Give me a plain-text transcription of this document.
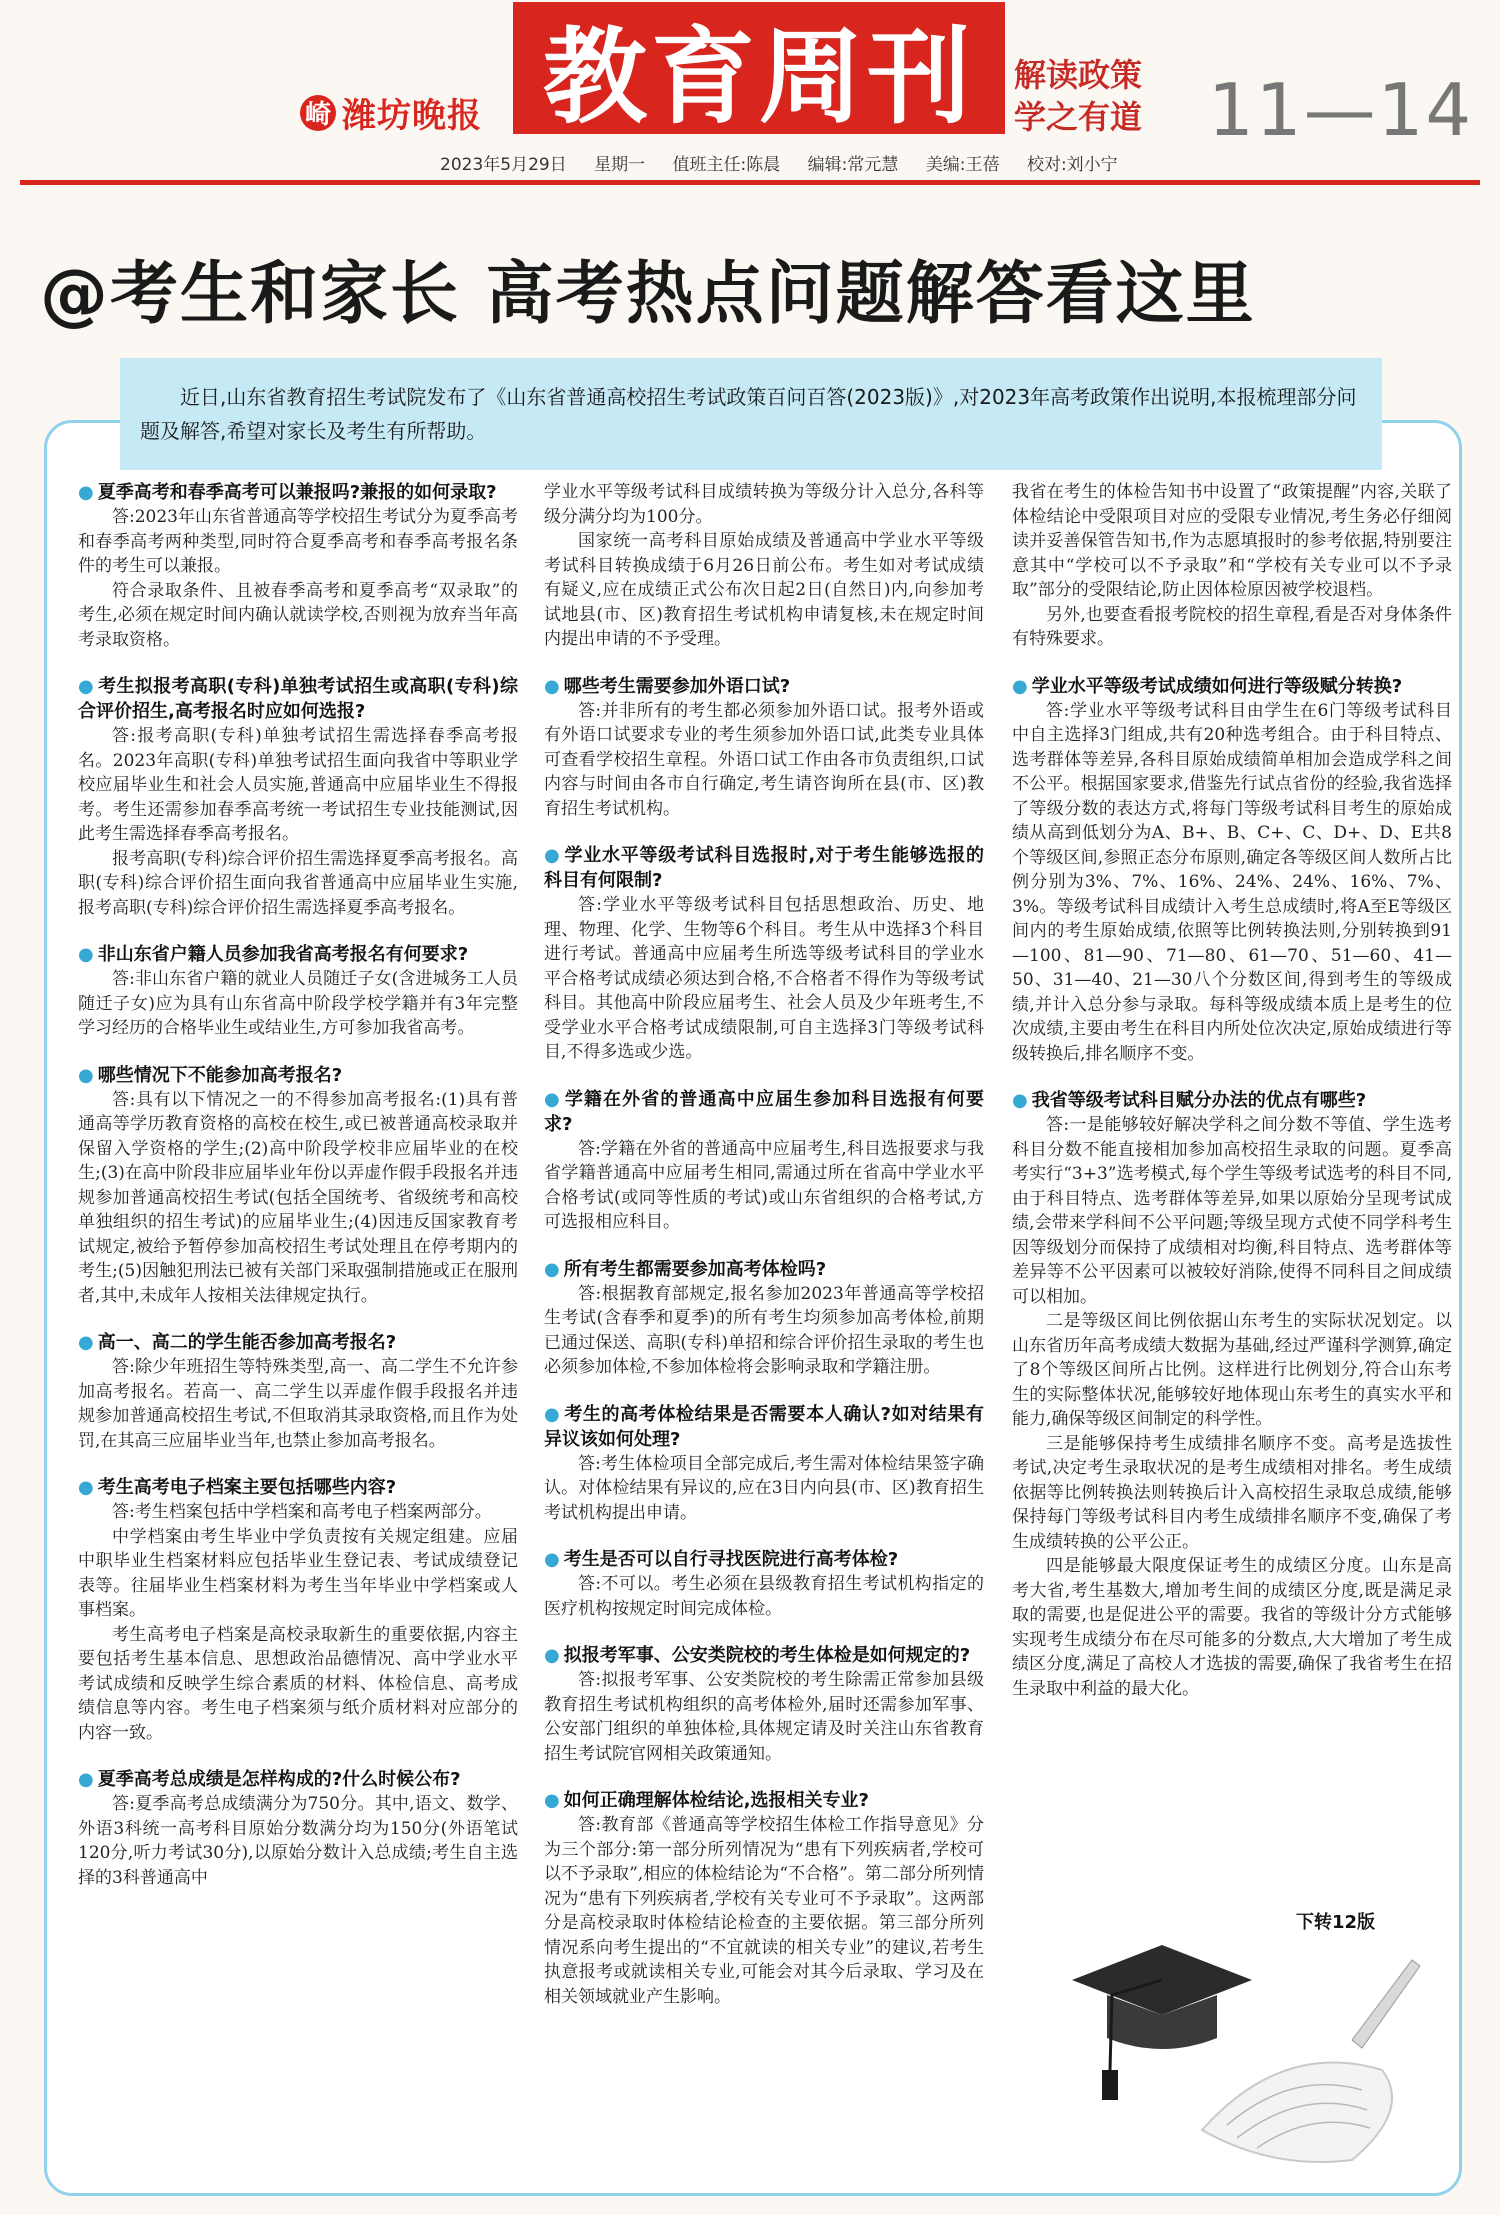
崎 潍坊晚报 教育周刊	解读政策
学之有道 11—14
2023年5月29日 星期一 值班主任:陈晨 编辑:常元慧 美编:王蓓 校对:刘小宁
@考生和家长 高考热点问题解答看这里
近日,山东省教育招生考试院发布了《山东省普通高校招生考试政策百问百答(2023版)》,对2023年高考政策作出说明,本报梳理部分问题及解答,希望对家长及考生有所帮助。

● 夏季高考和春季高考可以兼报吗?兼报的如何录取?

答:2023年山东省普通高等学校招生考试分为夏季高考和春季高考两种类型,同时符合夏季高考和春季高考报名条件的考生可以兼报。

符合录取条件、且被春季高考和夏季高考“双录取”的考生,必须在规定时间内确认就读学校,否则视为放弃当年高考录取资格。

● 考生拟报考高职(专科)单独考试招生或高职(专科)综合评价招生,高考报名时应如何选报?

答:报考高职(专科)单独考试招生需选择春季高考报名。2023年高职(专科)单独考试招生面向我省中等职业学校应届毕业生和社会人员实施,普通高中应届毕业生不得报考。考生还需参加春季高考统一考试招生专业技能测试,因此考生需选择春季高考报名。

报考高职(专科)综合评价招生需选择夏季高考报名。高职(专科)综合评价招生面向我省普通高中应届毕业生实施,报考高职(专科)综合评价招生需选择夏季高考报名。

● 非山东省户籍人员参加我省高考报名有何要求?

答:非山东省户籍的就业人员随迁子女(含进城务工人员随迁子女)应为具有山东省高中阶段学校学籍并有3年完整学习经历的合格毕业生或结业生,方可参加我省高考。

● 哪些情况下不能参加高考报名?

答:具有以下情况之一的不得参加高考报名:(1)具有普通高等学历教育资格的高校在校生,或已被普通高校录取并保留入学资格的学生;(2)高中阶段学校非应届毕业的在校生;(3)在高中阶段非应届毕业年份以弄虚作假手段报名并违规参加普通高校招生考试(包括全国统考、省级统考和高校单独组织的招生考试)的应届毕业生;(4)因违反国家教育考试规定,被给予暂停参加高校招生考试处理且在停考期内的考生;(5)因触犯刑法已被有关部门采取强制措施或正在服刑者,其中,未成年人按相关法律规定执行。

● 高一、高二的学生能否参加高考报名?

答:除少年班招生等特殊类型,高一、高二学生不允许参加高考报名。若高一、高二学生以弄虚作假手段报名并违规参加普通高校招生考试,不但取消其录取资格,而且作为处罚,在其高三应届毕业当年,也禁止参加高考报名。

● 考生高考电子档案主要包括哪些内容?

答:考生档案包括中学档案和高考电子档案两部分。

中学档案由考生毕业中学负责按有关规定组建。应届中职毕业生档案材料应包括毕业生登记表、考试成绩登记表等。往届毕业生档案材料为考生当年毕业中学档案或人事档案。

考生高考电子档案是高校录取新生的重要依据,内容主要包括考生基本信息、思想政治品德情况、高中学业水平考试成绩和反映学生综合素质的材料、体检信息、高考成绩信息等内容。考生电子档案须与纸介质材料对应部分的内容一致。

● 夏季高考总成绩是怎样构成的?什么时候公布?

答:夏季高考总成绩满分为750分。其中,语文、数学、外语3科统一高考科目原始分数满分均为150分(外语笔试120分,听力考试30分),以原始分数计入总成绩;考生自主选择的3科普通高中

学业水平等级考试科目成绩转换为等级分计入总分,各科等级分满分均为100分。

国家统一高考科目原始成绩及普通高中学业水平等级考试科目转换成绩于6月26日前公布。考生如对考试成绩有疑义,应在成绩正式公布次日起2日(自然日)内,向参加考试地县(市、区)教育招生考试机构申请复核,未在规定时间内提出申请的不予受理。

● 哪些考生需要参加外语口试?

答:并非所有的考生都必须参加外语口试。报考外语或有外语口试要求专业的考生须参加外语口试,此类专业具体可查看学校招生章程。外语口试工作由各市负责组织,口试内容与时间由各市自行确定,考生请咨询所在县(市、区)教育招生考试机构。

● 学业水平等级考试科目选报时,对于考生能够选报的科目有何限制?

答:学业水平等级考试科目包括思想政治、历史、地理、物理、化学、生物等6个科目。考生从中选择3个科目进行考试。普通高中应届考生所选等级考试科目的学业水平合格考试成绩必须达到合格,不合格者不得作为等级考试科目。其他高中阶段应届考生、社会人员及少年班考生,不受学业水平合格考试成绩限制,可自主选择3门等级考试科目,不得多选或少选。

● 学籍在外省的普通高中应届生参加科目选报有何要求?

答:学籍在外省的普通高中应届考生,科目选报要求与我省学籍普通高中应届考生相同,需通过所在省高中学业水平合格考试(或同等性质的考试)或山东省组织的合格考试,方可选报相应科目。

● 所有考生都需要参加高考体检吗?

答:根据教育部规定,报名参加2023年普通高等学校招生考试(含春季和夏季)的所有考生均须参加高考体检,前期已通过保送、高职(专科)单招和综合评价招生录取的考生也必须参加体检,不参加体检将会影响录取和学籍注册。

● 考生的高考体检结果是否需要本人确认?如对结果有异议该如何处理?

答:考生体检项目全部完成后,考生需对体检结果签字确认。对体检结果有异议的,应在3日内向县(市、区)教育招生考试机构提出申请。

● 考生是否可以自行寻找医院进行高考体检?

答:不可以。考生必须在县级教育招生考试机构指定的医疗机构按规定时间完成体检。

● 拟报考军事、公安类院校的考生体检是如何规定的?

答:拟报考军事、公安类院校的考生除需正常参加县级教育招生考试机构组织的高考体检外,届时还需参加军事、公安部门组织的单独体检,具体规定请及时关注山东省教育招生考试院官网相关政策通知。

● 如何正确理解体检结论,选报相关专业?

答:教育部《普通高等学校招生体检工作指导意见》分为三个部分:第一部分所列情况为“患有下列疾病者,学校可以不予录取”,相应的体检结论为“不合格”。第二部分所列情况为“患有下列疾病者,学校有关专业可不予录取”。这两部分是高校录取时体检结论检查的主要依据。第三部分所列情况系向考生提出的“不宜就读的相关专业”的建议,若考生执意报考或就读相关专业,可能会对其今后录取、学习及在相关领域就业产生影响。

我省在考生的体检告知书中设置了“政策提醒”内容,关联了体检结论中受限项目对应的受限专业情况,考生务必仔细阅读并妥善保管告知书,作为志愿填报时的参考依据,特别要注意其中“学校可以不予录取”和“学校有关专业可以不予录取”部分的受限结论,防止因体检原因被学校退档。

另外,也要查看报考院校的招生章程,看是否对身体条件有特殊要求。

● 学业水平等级考试成绩如何进行等级赋分转换?

答:学业水平等级考试科目由学生在6门等级考试科目中自主选择3门组成,共有20种选考组合。由于科目特点、选考群体等差异,各科目原始成绩简单相加会造成学科之间不公平。根据国家要求,借鉴先行试点省份的经验,我省选择了等级分数的表达方式,将每门等级考试科目考生的原始成绩从高到低划分为A、B+、B、C+、C、D+、D、E共8个等级区间,参照正态分布原则,确定各等级区间人数所占比例分别为3%、7%、16%、24%、24%、16%、7%、3%。等级考试科目成绩计入考生总成绩时,将A至E等级区间内的考生原始成绩,依照等比例转换法则,分别转换到91—100、81—90、71—80、61—70、51—60、41—50、31—40、21—30八个分数区间,得到考生的等级成绩,并计入总分参与录取。每科等级成绩本质上是考生的位次成绩,主要由考生在科目内所处位次决定,原始成绩进行等级转换后,排名顺序不变。

● 我省等级考试科目赋分办法的优点有哪些?

答:一是能够较好解决学科之间分数不等值、学生选考科目分数不能直接相加参加高校招生录取的问题。夏季高考实行“3+3”选考模式,每个学生等级考试选考的科目不同,由于科目特点、选考群体等差异,如果以原始分呈现考试成绩,会带来学科间不公平问题;等级呈现方式使不同学科考生因等级划分而保持了成绩相对均衡,科目特点、选考群体等差异等不公平因素可以被较好消除,使得不同科目之间成绩可以相加。

二是等级区间比例依据山东考生的实际状况划定。以山东省历年高考成绩大数据为基础,经过严谨科学测算,确定了8个等级区间所占比例。这样进行比例划分,符合山东考生的实际整体状况,能够较好地体现山东考生的真实水平和能力,确保等级区间制定的科学性。

三是能够保持考生成绩排名顺序不变。高考是选拔性考试,决定考生录取状况的是考生成绩相对排名。考生成绩依据等比例转换法则转换后计入高校招生录取总成绩,能够保持每门等级考试科目内考生成绩排名顺序不变,确保了考生成绩转换的公平公正。

四是能够最大限度保证考生的成绩区分度。山东是高考大省,考生基数大,增加考生间的成绩区分度,既是满足录取的需要,也是促进公平的需要。我省的等级计分方式能够实现考生成绩分布在尽可能多的分数点,大大增加了考生成绩区分度,满足了高校人才选拔的需要,确保了我省考生在招生录取中利益的最大化。

下转12版
